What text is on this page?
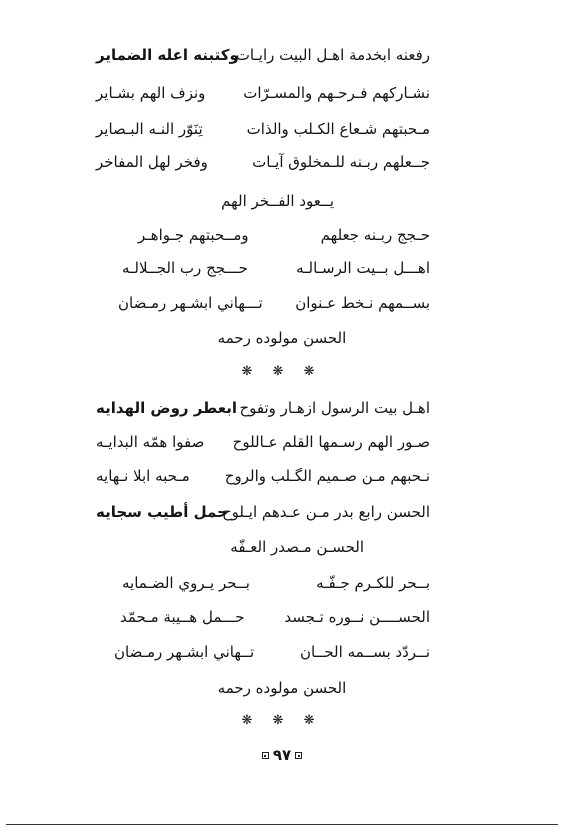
رفعنه ابخدمة اهـل البيت رايـات
وكتبنه اعله الضماير
نشـاركهم فـرحـهم والمسـرّات
ونزف الهم بشـاير
مـحبتهم شـعاع الكـلب والذات
تِنَوّر النـه البـصاير
جــعلهم ربـنه للـمخلوق آيـات
وفخر لهل المفاخر
يــعود الفــخر الهم
حـجج ربـنه جعلهم
ومــحبتهم جـواهـر
اهـــل بــيت الرسـالـه
حـــجج رب الجــلالـه
بســمهم نـخط عـنوان
تـــهاني ابشـهر رمـضان
الحسن مولوده رحمه
❋ ❋ ❋
اهـل بيت الرسول ازهـار وتفوح
ابعطر روض الهدايه
صـور الهم رسـمها القلم عـاللوح
صفوا همّه البدايـه
نـحبهم مـن صـميم الگـلب والروح
مـحبه ابلا نـهايه
الحسن رابع بدر مـن عـدهم ايـلوح
حمل أطيب سجايه
الحسـن مـصدر العـفّه
بــحر للكـرم جـفّـه
بــحر يـروي الضـمايه
الحســــن نــوره تـجسد
حـــمل هــيبة مـحمّد
نــردّد بســمه الحــان
تــهاني ابشـهر رمـضان
الحسن مولوده رحمه
❋ ❋ ❋
٩٧
